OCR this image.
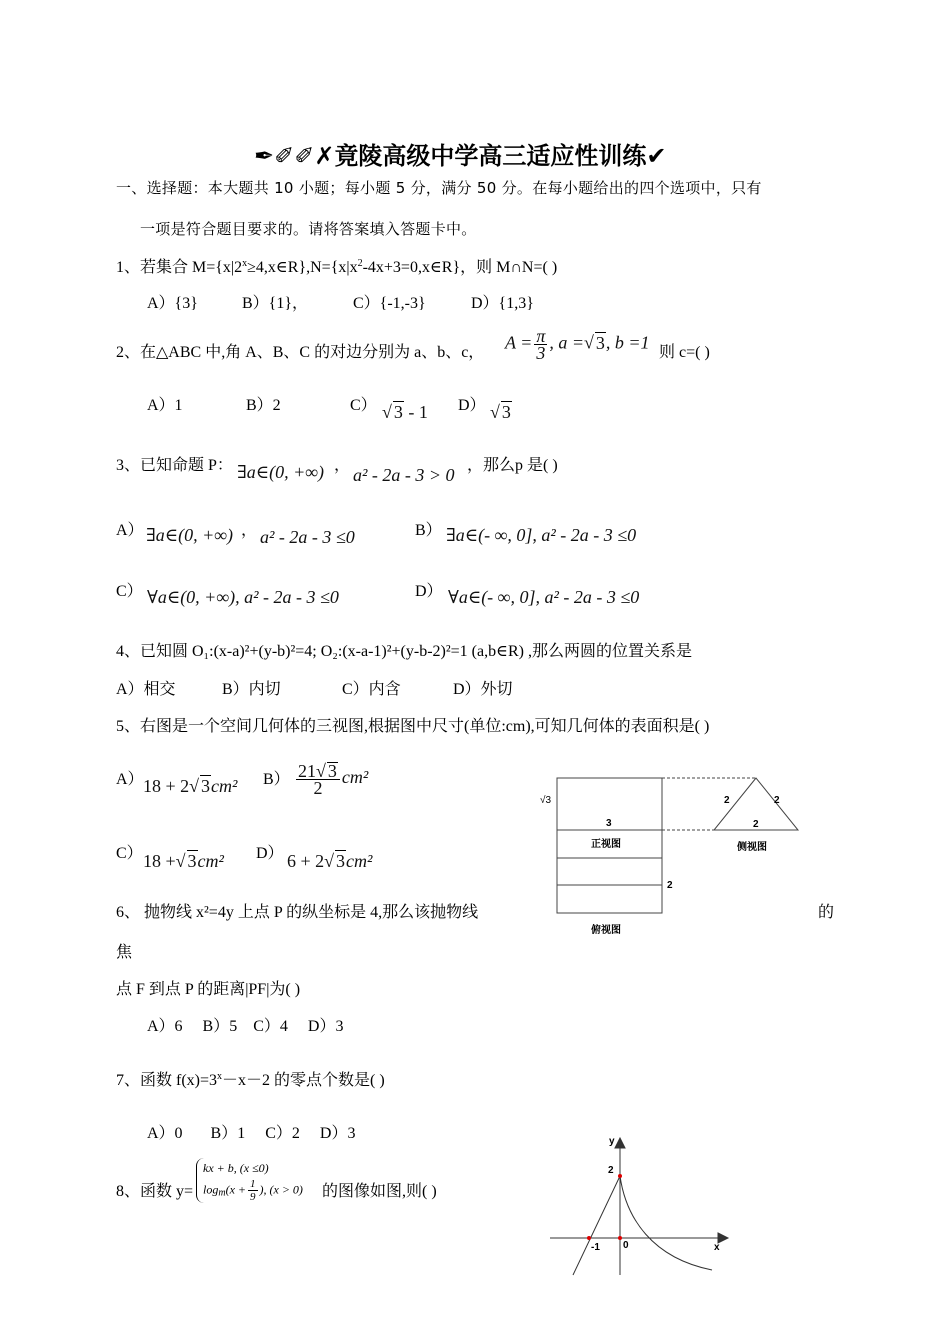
✒✐✐✗竟陵高级中学高三适应性训练✔
一、选择题：本大题共 10 小题；每小题 5 分，满分 50 分。在每小题给出的四个选项中，只有
一项是符合题目要求的。请将答案填入答题卡中。
1、若集合 $M=\{x|2^x\ge 4,x\in R\},N=\{x|x^2-4x+3=0,x\in R\}$，则 M∩N=( )
A）{3}	B）{1}，	C）{-1,-3}	D）{1,3}
2、在△ABC 中,角 A、B、C 的对边分别为 a、b、c， $A = \frac{\pi}{3}$ , a =√ 3, b =1 则 c=( )
A）1	B）2	C） √ 3 - 1 D） √ 3
3、已知命题 P： ∃a∈(0, +∞) ， a² - 2a - 3 > 0 ，那么p 是( )
A） ∃a∈(0, +∞) ， a² - 2a - 3 ≤0	B） ∃a∈(- ∞, 0], a² - 2a - 3 ≤0
C） ∀a∈(0, +∞), a² - 2a - 3 ≤0	D） ∀a∈(- ∞, 0], a² - 2a - 3 ≤0
4、已知圆 O₁:(x-a)²+(y-b)²=4; O₂:(x-a-1)²+(y-b-2)²=1 (a,b∈R) ,那么两圆的位置关系是
A）相交	B）内切	C）内含	D）外切
5、右图是一个空间几何体的三视图,根据图中尺寸(单位:cm),可知几何体的表面积是( )
A） 18 + 2√ 3cm² $B) \frac{21√ 3}{2} cm^2$
C） 18 +√ 3cm² D） 6 + 2√ 3cm²
√3
3
正视图
2	2
2
侧视图
2
俯视图
6、 抛物线 x²=4y 上点 P 的纵坐标是 4,那么该抛物线	的
焦
点 F 到点 P 的距离|PF|为( )
A）6     B）5    C）4     D）3
7、函数 $f(x)=3^x-x-2$ 的零点个数是( )
A）0       B）1     C）2     D）3
8、函数 y=
kx + b, (x ≤0)
$\log_m(x + \frac{1}{9}$ ), (x > 0) 的图像如图,则( )
y
x
2
-1 0
